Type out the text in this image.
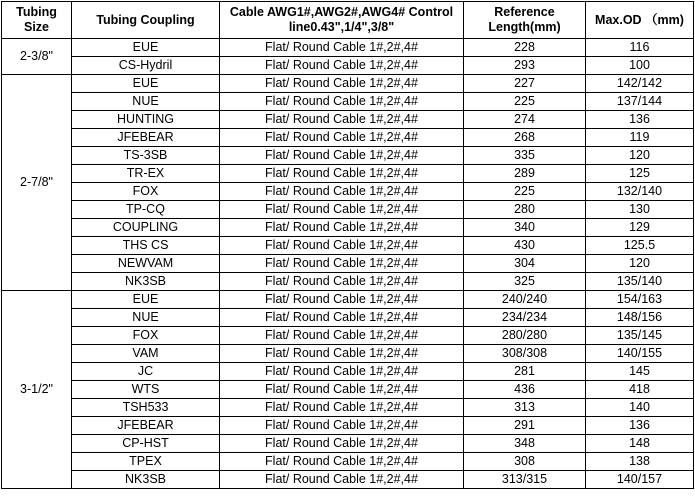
Tubing Size	Tubing Coupling	Cable AWG1#,AWG2#,AWG4# Control line0.43",1/4",3/8"	Reference Length(mm)	Max.OD （mm)
2-3/8"	EUE	Flat/ Round Cable 1#,2#,4#	228	116
	CS-Hydril	Flat/ Round Cable 1#,2#,4#	293	100
2-7/8"	EUE	Flat/ Round Cable 1#,2#,4#	227	142/142
	NUE	Flat/ Round Cable 1#,2#,4#	225	137/144
	HUNTING	Flat/ Round Cable 1#,2#,4#	274	136
	JFEBEAR	Flat/ Round Cable 1#,2#,4#	268	119
	TS-3SB	Flat/ Round Cable 1#,2#,4#	335	120
	TR-EX	Flat/ Round Cable 1#,2#,4#	289	125
	FOX	Flat/ Round Cable 1#,2#,4#	225	132/140
	TP-CQ	Flat/ Round Cable 1#,2#,4#	280	130
	COUPLING	Flat/ Round Cable 1#,2#,4#	340	129
	THS CS	Flat/ Round Cable 1#,2#,4#	430	125.5
	NEWVAM	Flat/ Round Cable 1#,2#,4#	304	120
	NK3SB	Flat/ Round Cable 1#,2#,4#	325	135/140
3-1/2"	EUE	Flat/ Round Cable 1#,2#,4#	240/240	154/163
	NUE	Flat/ Round Cable 1#,2#,4#	234/234	148/156
	FOX	Flat/ Round Cable 1#,2#,4#	280/280	135/145
	VAM	Flat/ Round Cable 1#,2#,4#	308/308	140/155
	JC	Flat/ Round Cable 1#,2#,4#	281	145
	WTS	Flat/ Round Cable 1#,2#,4#	436	418
	TSH533	Flat/ Round Cable 1#,2#,4#	313	140
	JFEBEAR	Flat/ Round Cable 1#,2#,4#	291	136
	CP-HST	Flat/ Round Cable 1#,2#,4#	348	148
	TPEX	Flat/ Round Cable 1#,2#,4#	308	138
	NK3SB	Flat/ Round Cable 1#,2#,4#	313/315	140/157
